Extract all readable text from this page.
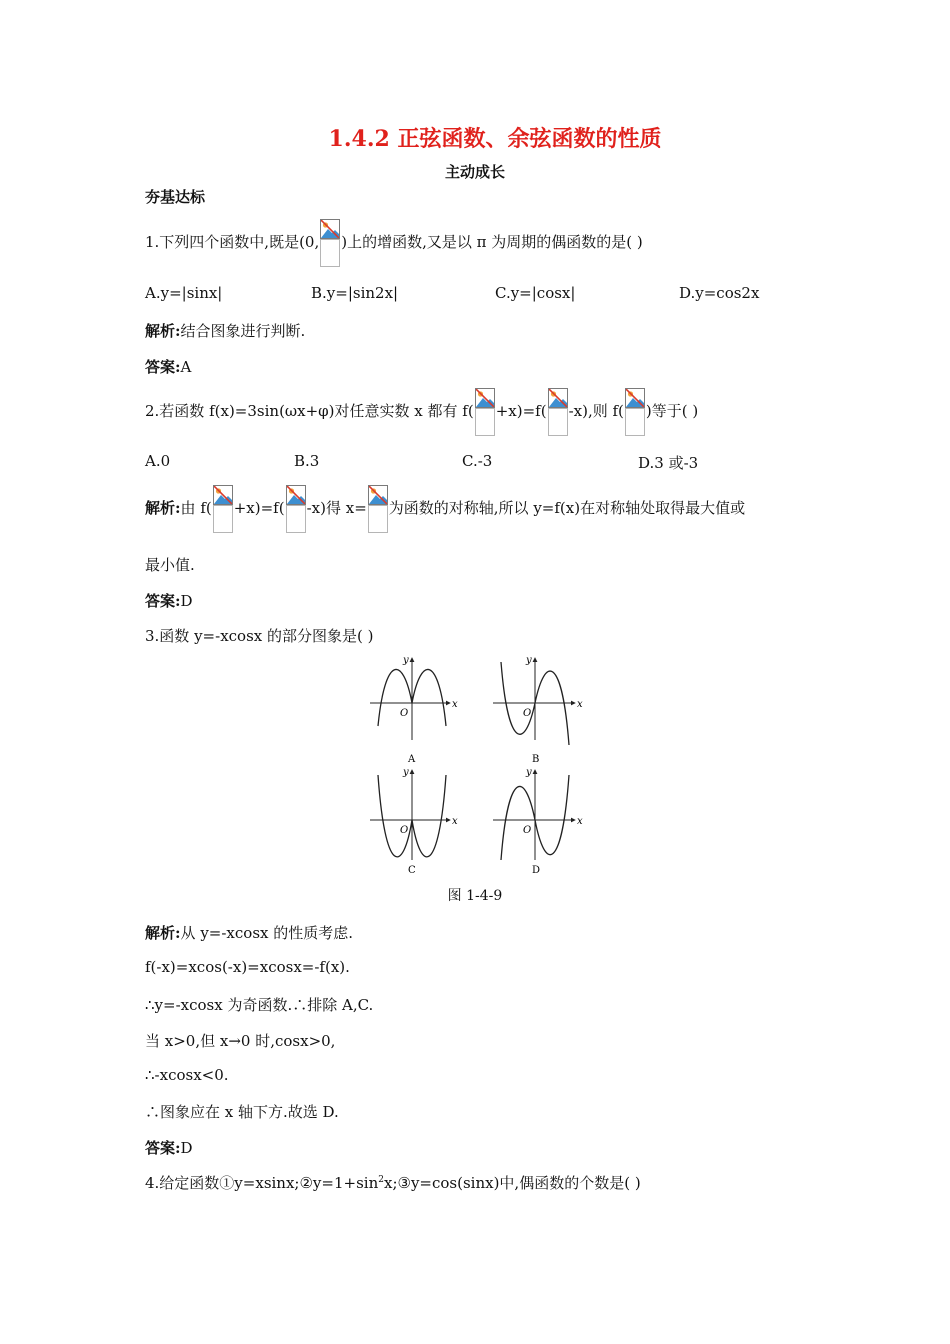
1.4.2 正弦函数、余弦函数的性质
主动成长
夯基达标
1.下列四个函数中,既是(0, )上的增函数,又是以 π 为周期的偶函数的是( )
A.y=|sinx|	B.y=|sin2x|	C.y=|cosx|	D.y=cos2x
解析:结合图象进行判断.
答案:A
2.若函数 f(x)=3sin(ωx+φ)对任意实数 x 都有 f( +x)=f( -x),则 f( )等于( )
A.0	B.3	C.-3	D.3 或-3
解析:由 f( +x)=f( -x)得 x= 为函数的对称轴,所以 y=f(x)在对称轴处取得最大值或
最小值.
答案:D
3.函数 y=-xcosx 的部分图象是( )
x
y
O
A
x
y
O
B
x
y
O
C
x
y
O
D
图 1-4-9
解析:从 y=-xcosx 的性质考虑.
f(-x)=xcos(-x)=xcosx=-f(x).
∴y=-xcosx 为奇函数.∴排除 A,C.
当 x>0,但 x→0 时,cosx>0,
∴-xcosx<0.
∴图象应在 x 轴下方.故选 D.
答案:D
4.给定函数$①y=xsinx;②y=1+\sin^2x;③y=\cos(\sin x)$中,偶函数的个数是( )
